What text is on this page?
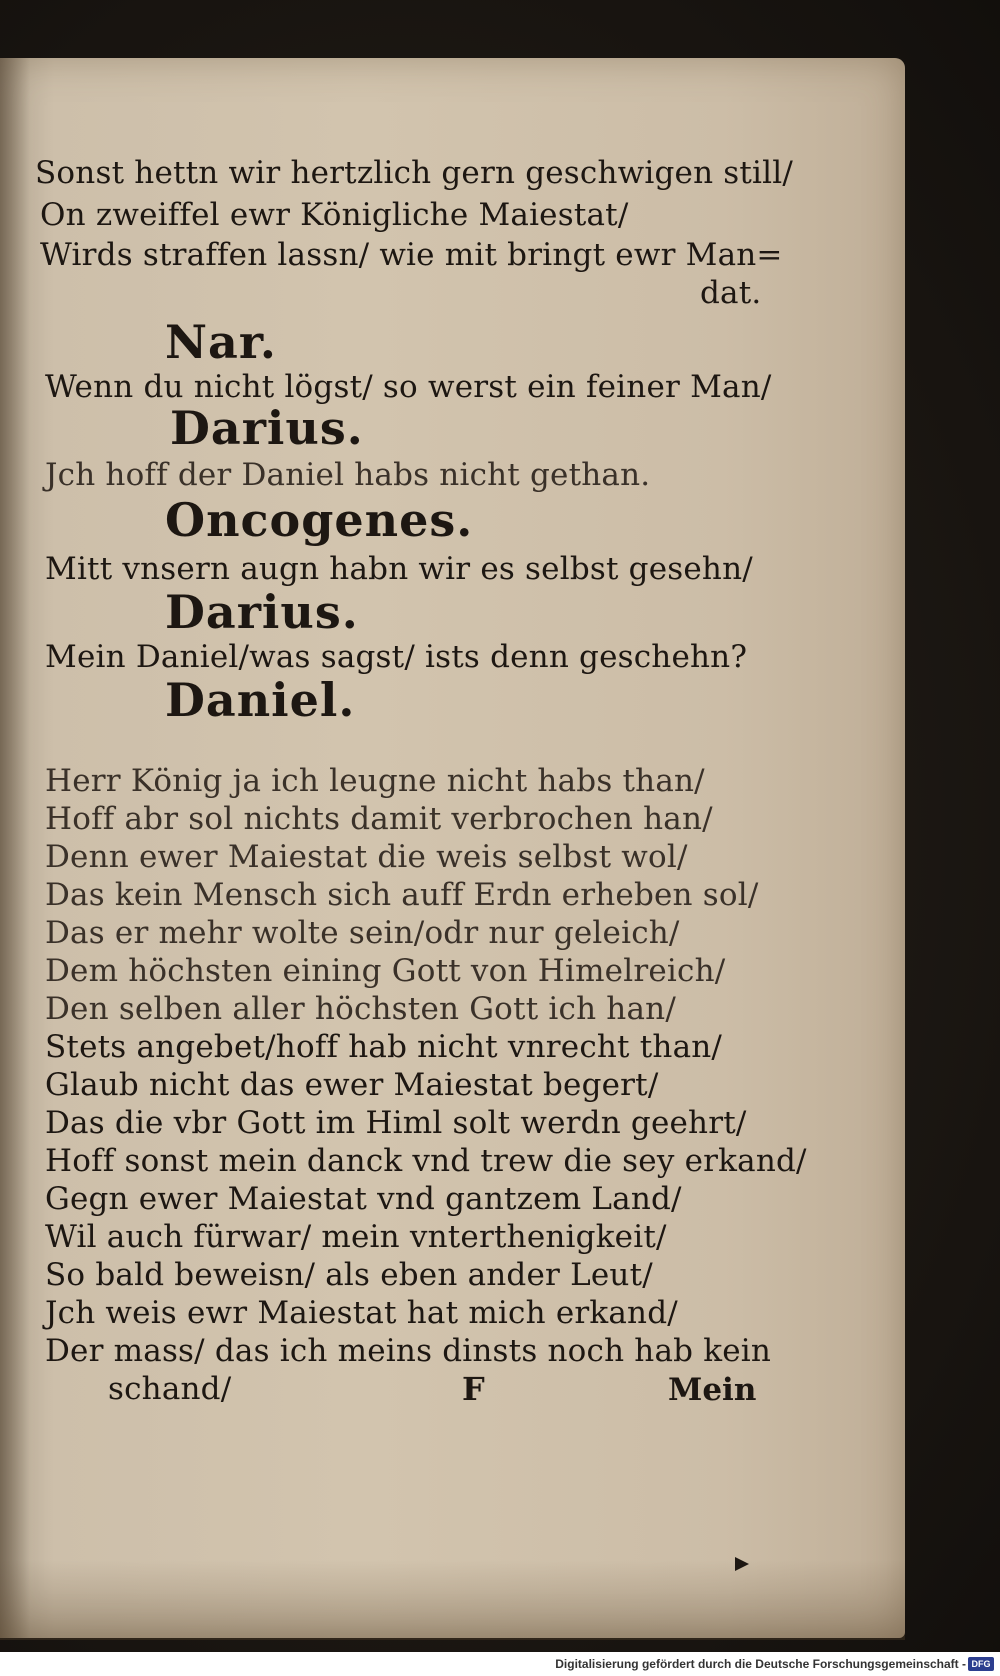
Sonst hettn wir hertzlich gern geschwigen still/
On zweiffel ewr Königliche Maiestat/
Wirds straffen lassn/ wie mit bringt ewr Man=
dat.
Nar.
Wenn du nicht lögst/ so werst ein feiner Man/
Darius.
Jch hoff der Daniel habs nicht gethan.
Oncogenes.
Mitt vnsern augn habn wir es selbst gesehn/
Darius.
Mein Daniel/was sagst/ ists denn geschehn?
Daniel.
Herr König ja ich leugne nicht habs than/
Hoff abr sol nichts damit verbrochen han/
Denn ewer Maiestat die weis selbst wol/
Das kein Mensch sich auff Erdn erheben sol/
Das er mehr wolte sein/odr nur geleich/
Dem höchsten eining Gott von Himelreich/
Den selben aller höchsten Gott ich han/
Stets angebet/hoff hab nicht vnrecht than/
Glaub nicht das ewer Maiestat begert/
Das die vbr Gott im Himl solt werdn geehrt/
Hoff sonst mein danck vnd trew die sey erkand/
Gegn ewer Maiestat vnd gantzem Land/
Wil auch fürwar/ mein vnterthenigkeit/
So bald beweisn/ als eben ander Leut/
Jch weis ewr Maiestat hat mich erkand/
Der mass/ das ich meins dinsts noch hab kein
schand/	F	Mein
Digitalisierung gefördert durch die Deutsche Forschungsgemeinschaft - DFG
